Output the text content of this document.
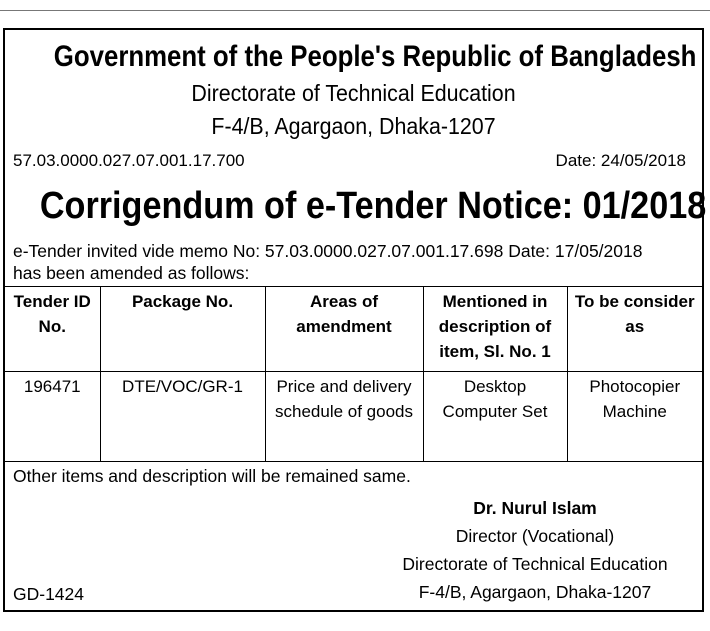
Government of the People's Republic of Bangladesh
Directorate of Technical Education
F-4/B, Agargaon, Dhaka-1207
57.03.0000.027.07.001.17.700	Date: 24/05/2018
Corrigendum of e-Tender Notice: 01/2018
e-Tender invited vide memo No: 57.03.0000.027.07.001.17.698 Date: 17/05/2018
has been amended as follows:
Tender ID No.	Package No.	Areas of amendment	Mentioned in description of item, Sl. No. 1	To be consider as
196471	DTE/VOC/GR-1	Price and delivery schedule of goods	Desktop Computer Set	Photocopier Machine
Other items and description will be remained same.
Dr. Nurul Islam
Director (Vocational)
Directorate of Technical Education
F-4/B, Agargaon, Dhaka-1207
GD-1424
